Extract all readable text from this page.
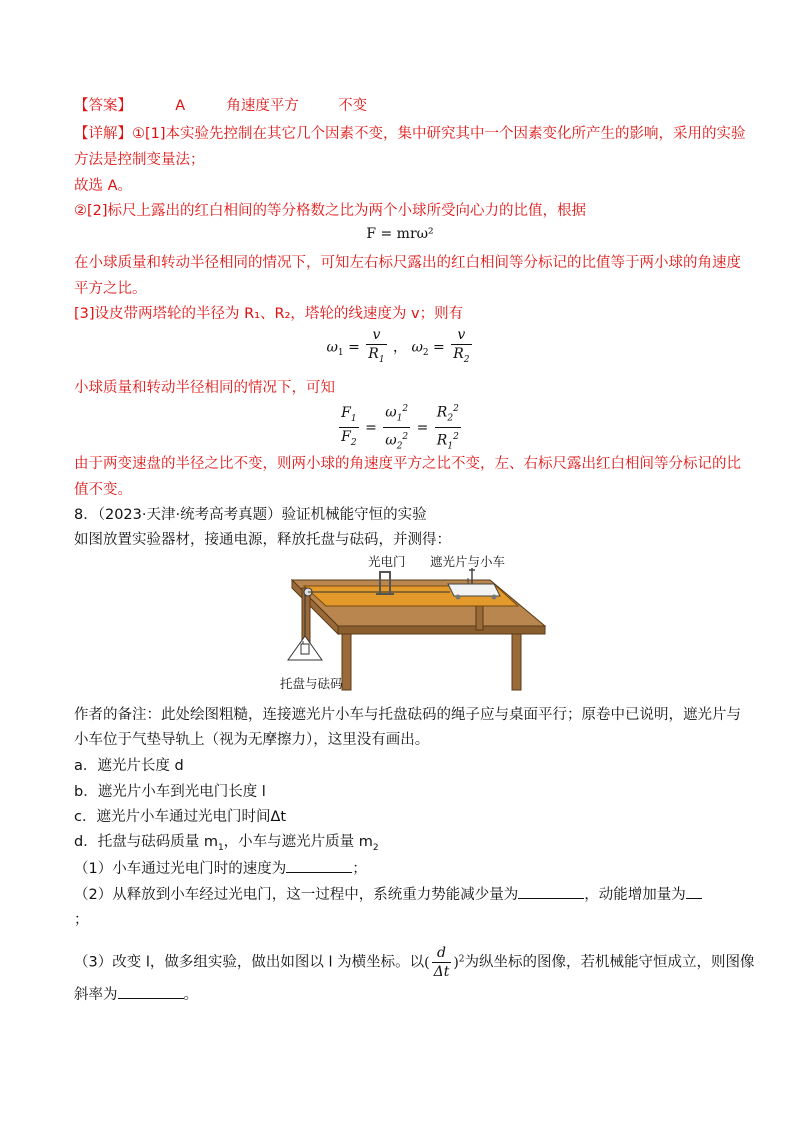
【答案】	A	角速度平方	不变
【详解】①[1]本实验先控制在其它几个因素不变，集中研究其中一个因素变化所产生的影响，采用的实验
方法是控制变量法；
故选 A。
②[2]标尺上露出的红白相间的等分格数之比为两个小球所受向心力的比值，根据
F = mrω²
在小球质量和转动半径相同的情况下，可知左右标尺露出的红白相间等分标记的比值等于两小球的角速度
平方之比。
[3]设皮带两塔轮的半径为 R₁、R₂，塔轮的线速度为 v；则有
$\omega_1 = \frac{v}{R_1}$ ， $\omega_2 = \frac{v}{R_2}$
小球质量和转动半径相同的情况下，可知
$\frac{F_1}{F_2} = \frac{\omega_1^2}{\omega_2^2} = \frac{R_2^2}{R_1^2}$
由于两变速盘的半径之比不变，则两小球的角速度平方之比不变，左、右标尺露出红白相间等分标记的比
值不变。
8．（2023·天津·统考高考真题）验证机械能守恒的实验
如图放置实验器材，接通电源，释放托盘与砝码，并测得：
光电门 遮光片与小车
托盘与砝码
作者的备注：此处绘图粗糙，连接遮光片小车与托盘砝码的绳子应与桌面平行；原卷中已说明，遮光片与
小车位于气垫导轨上（视为无摩擦力），这里没有画出。
a．遮光片长度 d
b．遮光片小车到光电门长度 l
c．遮光片小车通过光电门时间Δt
d．托盘与砝码质量 $m_1$，小车与遮光片质量 $m_2$
（1）小车通过光电门时的速度为	；
（2）从释放到小车经过光电门，这一过程中，系统重力势能减少量为	，动能增加量为
；
（3）改变 l，做多组实验，做出如图以 l 为横坐标。以( $\frac{d}{\Delta t} )^2$为纵坐标的图像，若机械能守恒成立，则图像
斜率为	。
